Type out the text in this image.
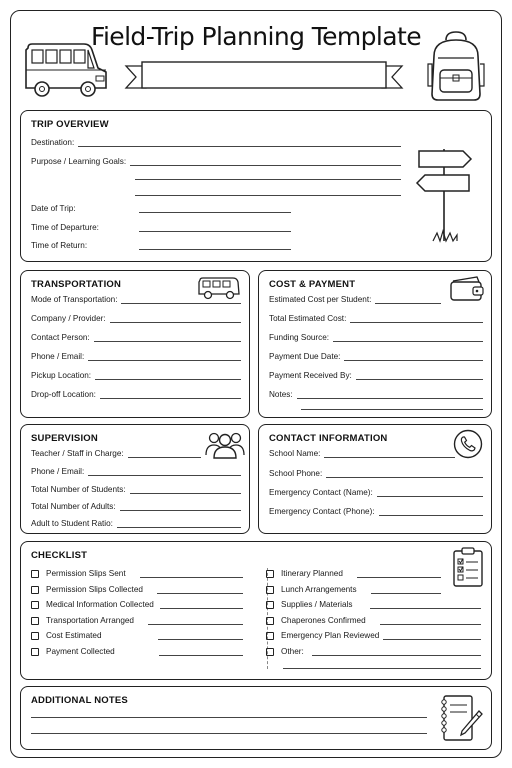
Field-Trip Planning Template
TRIP OVERVIEW
Destination:
Purpose / Learning Goals:
Date of Trip:
Time of Departure:
Time of Return:
TRANSPORTATION
Mode of Transportation:
Company / Provider:
Contact Person:
Phone / Email:
Pickup Location:
Drop-off Location:
COST & PAYMENT
Estimated Cost per Student:
Total Estimated Cost:
Funding Source:
Payment Due Date:
Payment Received By:
Notes:
SUPERVISION
Teacher / Staff in Charge:
Phone / Email:
Total Number of Students:
Total Number of Adults:
Adult to Student Ratio:
CONTACT INFORMATION
School Name:
School Phone:
Emergency Contact (Name):
Emergency Contact (Phone):
CHECKLIST
Permission Slips Sent
Permission Slips Collected
Medical Information Collected
Transportation Arranged
Cost Estimated
Payment Collected
Itinerary Planned
Lunch Arrangements
Supplies / Materials
Chaperones Confirmed
Emergency Plan Reviewed
Other:
ADDITIONAL NOTES
